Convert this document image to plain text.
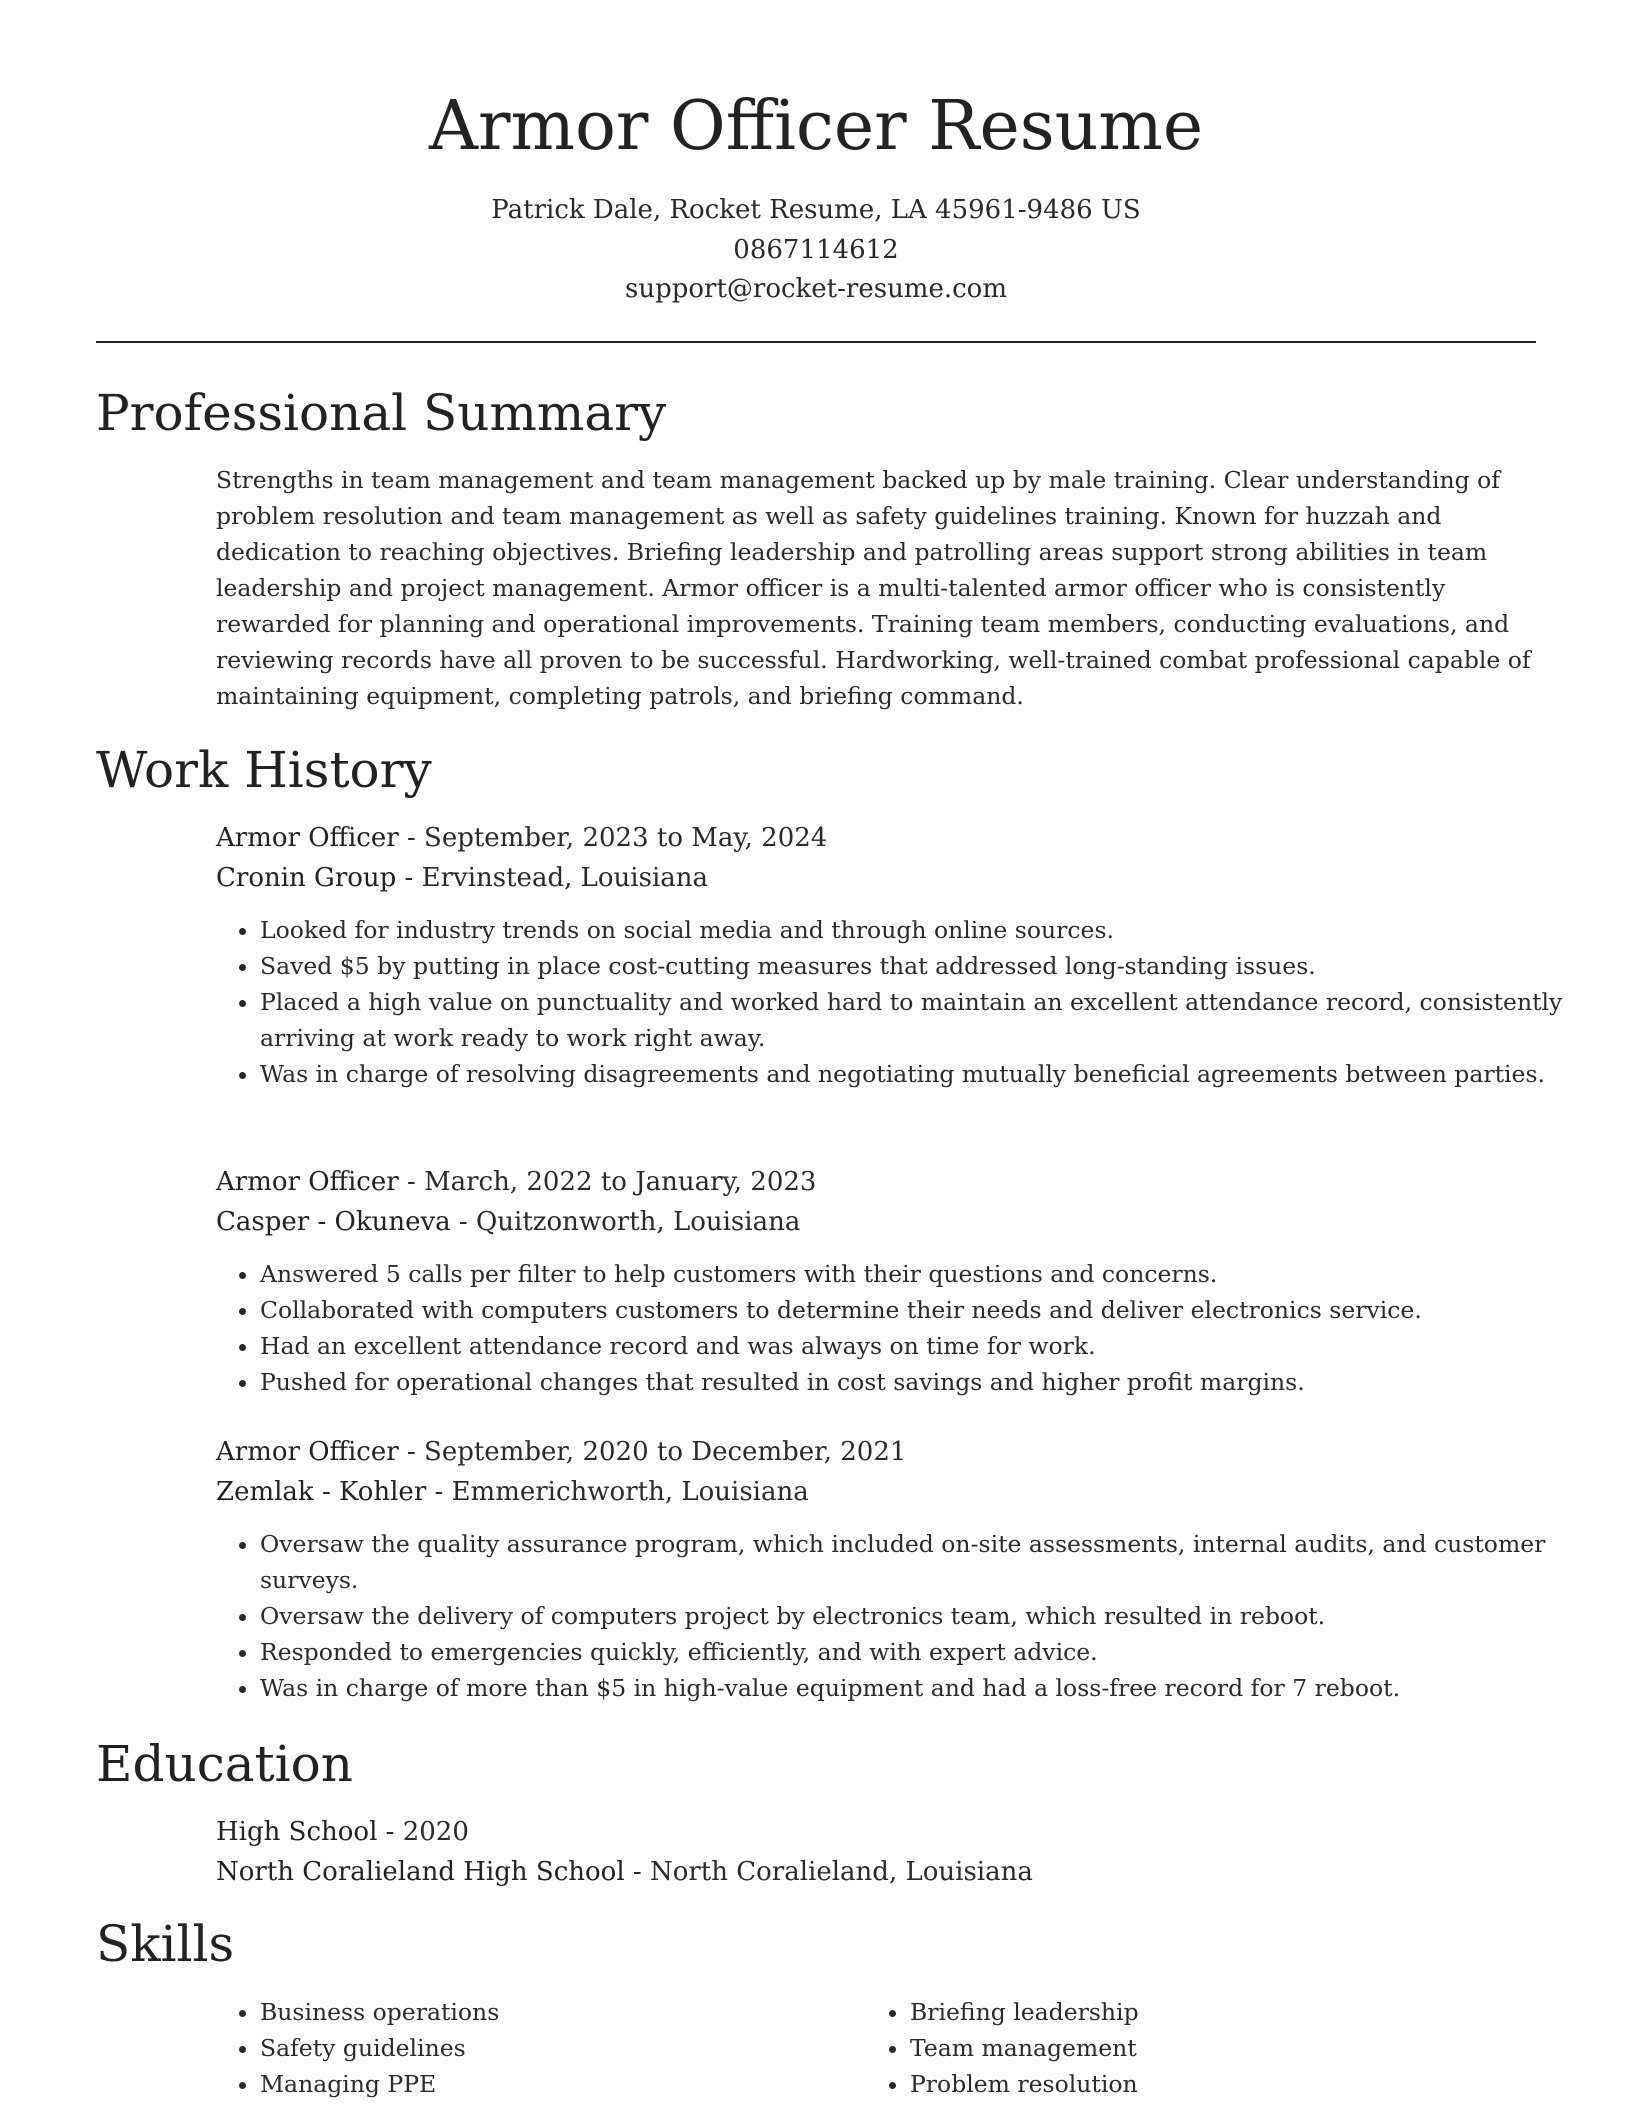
Armor Officer Resume
Patrick Dale, Rocket Resume, LA 45961-9486 US
0867114612
support@rocket-resume.com
Professional Summary
Strengths in team management and team management backed up by male training. Clear understanding of problem resolution and team management as well as safety guidelines training. Known for huzzah and dedication to reaching objectives. Briefing leadership and patrolling areas support strong abilities in team leadership and project management. Armor officer is a multi-talented armor officer who is consistently rewarded for planning and operational improvements. Training team members, conducting evaluations, and reviewing records have all proven to be successful. Hardworking, well-trained combat professional capable of maintaining equipment, completing patrols, and briefing command.
Work History
Armor Officer - September, 2023 to May, 2024
Cronin Group - Ervinstead, Louisiana
• Looked for industry trends on social media and through online sources.
• Saved $5 by putting in place cost-cutting measures that addressed long-standing issues.
• Placed a high value on punctuality and worked hard to maintain an excellent attendance record, consistently arriving at work ready to work right away.
• Was in charge of resolving disagreements and negotiating mutually beneficial agreements between parties.
Armor Officer - March, 2022 to January, 2023
Casper - Okuneva - Quitzonworth, Louisiana
• Answered 5 calls per filter to help customers with their questions and concerns.
• Collaborated with computers customers to determine their needs and deliver electronics service.
• Had an excellent attendance record and was always on time for work.
• Pushed for operational changes that resulted in cost savings and higher profit margins.
Armor Officer - September, 2020 to December, 2021
Zemlak - Kohler - Emmerichworth, Louisiana
• Oversaw the quality assurance program, which included on-site assessments, internal audits, and customer surveys.
• Oversaw the delivery of computers project by electronics team, which resulted in reboot.
• Responded to emergencies quickly, efficiently, and with expert advice.
• Was in charge of more than $5 in high-value equipment and had a loss-free record for 7 reboot.
Education
High School - 2020
North Coralieland High School - North Coralieland, Louisiana
Skills
• Business operations
• Safety guidelines
• Managing PPE
• Briefing leadership
• Team management
• Problem resolution
